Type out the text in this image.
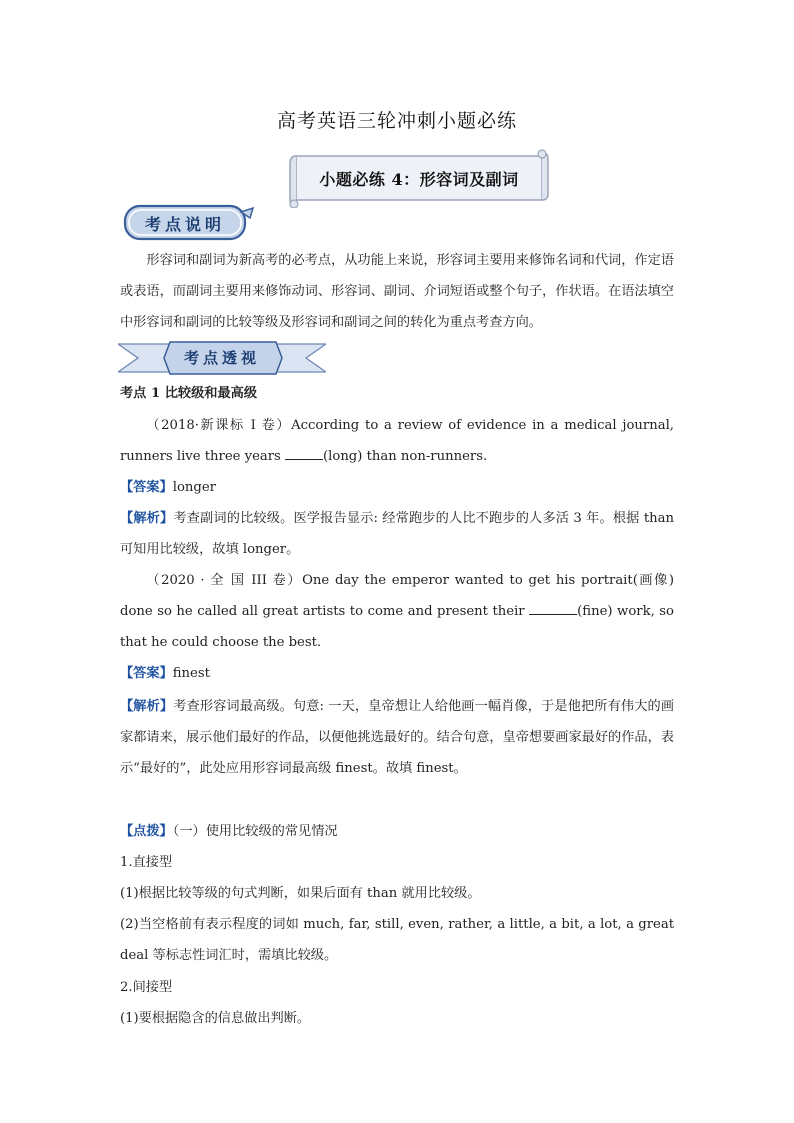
高考英语三轮冲刺小题必练
小题必练 4：形容词及副词
考点说明
形容词和副词为新高考的必考点，从功能上来说，形容词主要用来修饰名词和代词，作定语或表语，而副词主要用来修饰动词、形容词、副词、介词短语或整个句子，作状语。在语法填空中形容词和副词的比较等级及形容词和副词之间的转化为重点考查方向。
考点透视
考点 1 比较级和最高级
（2018·新课标 I 卷）According to a review of evidence in a medical journal, runners live three years	(long) than non-runners.
【答案】longer
【解析】考查副词的比较级。医学报告显示: 经常跑步的人比不跑步的人多活 3 年。根据 than 可知用比较级，故填 longer。
（2020 · 全 国 III 卷）One day the emperor wanted to get his portrait(画像) done so he called all great artists to come and present their	(fine) work, so that he could choose the best.
【答案】finest
【解析】考查形容词最高级。句意: 一天，皇帝想让人给他画一幅肖像，于是他把所有伟大的画家都请来，展示他们最好的作品，以便他挑选最好的。结合句意，皇帝想要画家最好的作品，表示“最好的”，此处应用形容词最高级 finest。故填 finest。
【点拨】（一）使用比较级的常见情况
1.直接型
(1)根据比较等级的句式判断，如果后面有 than 就用比较级。
(2)当空格前有表示程度的词如 much, far, still, even, rather, a little, a bit, a lot, a great deal 等标志性词汇时，需填比较级。
2.间接型
(1)要根据隐含的信息做出判断。
